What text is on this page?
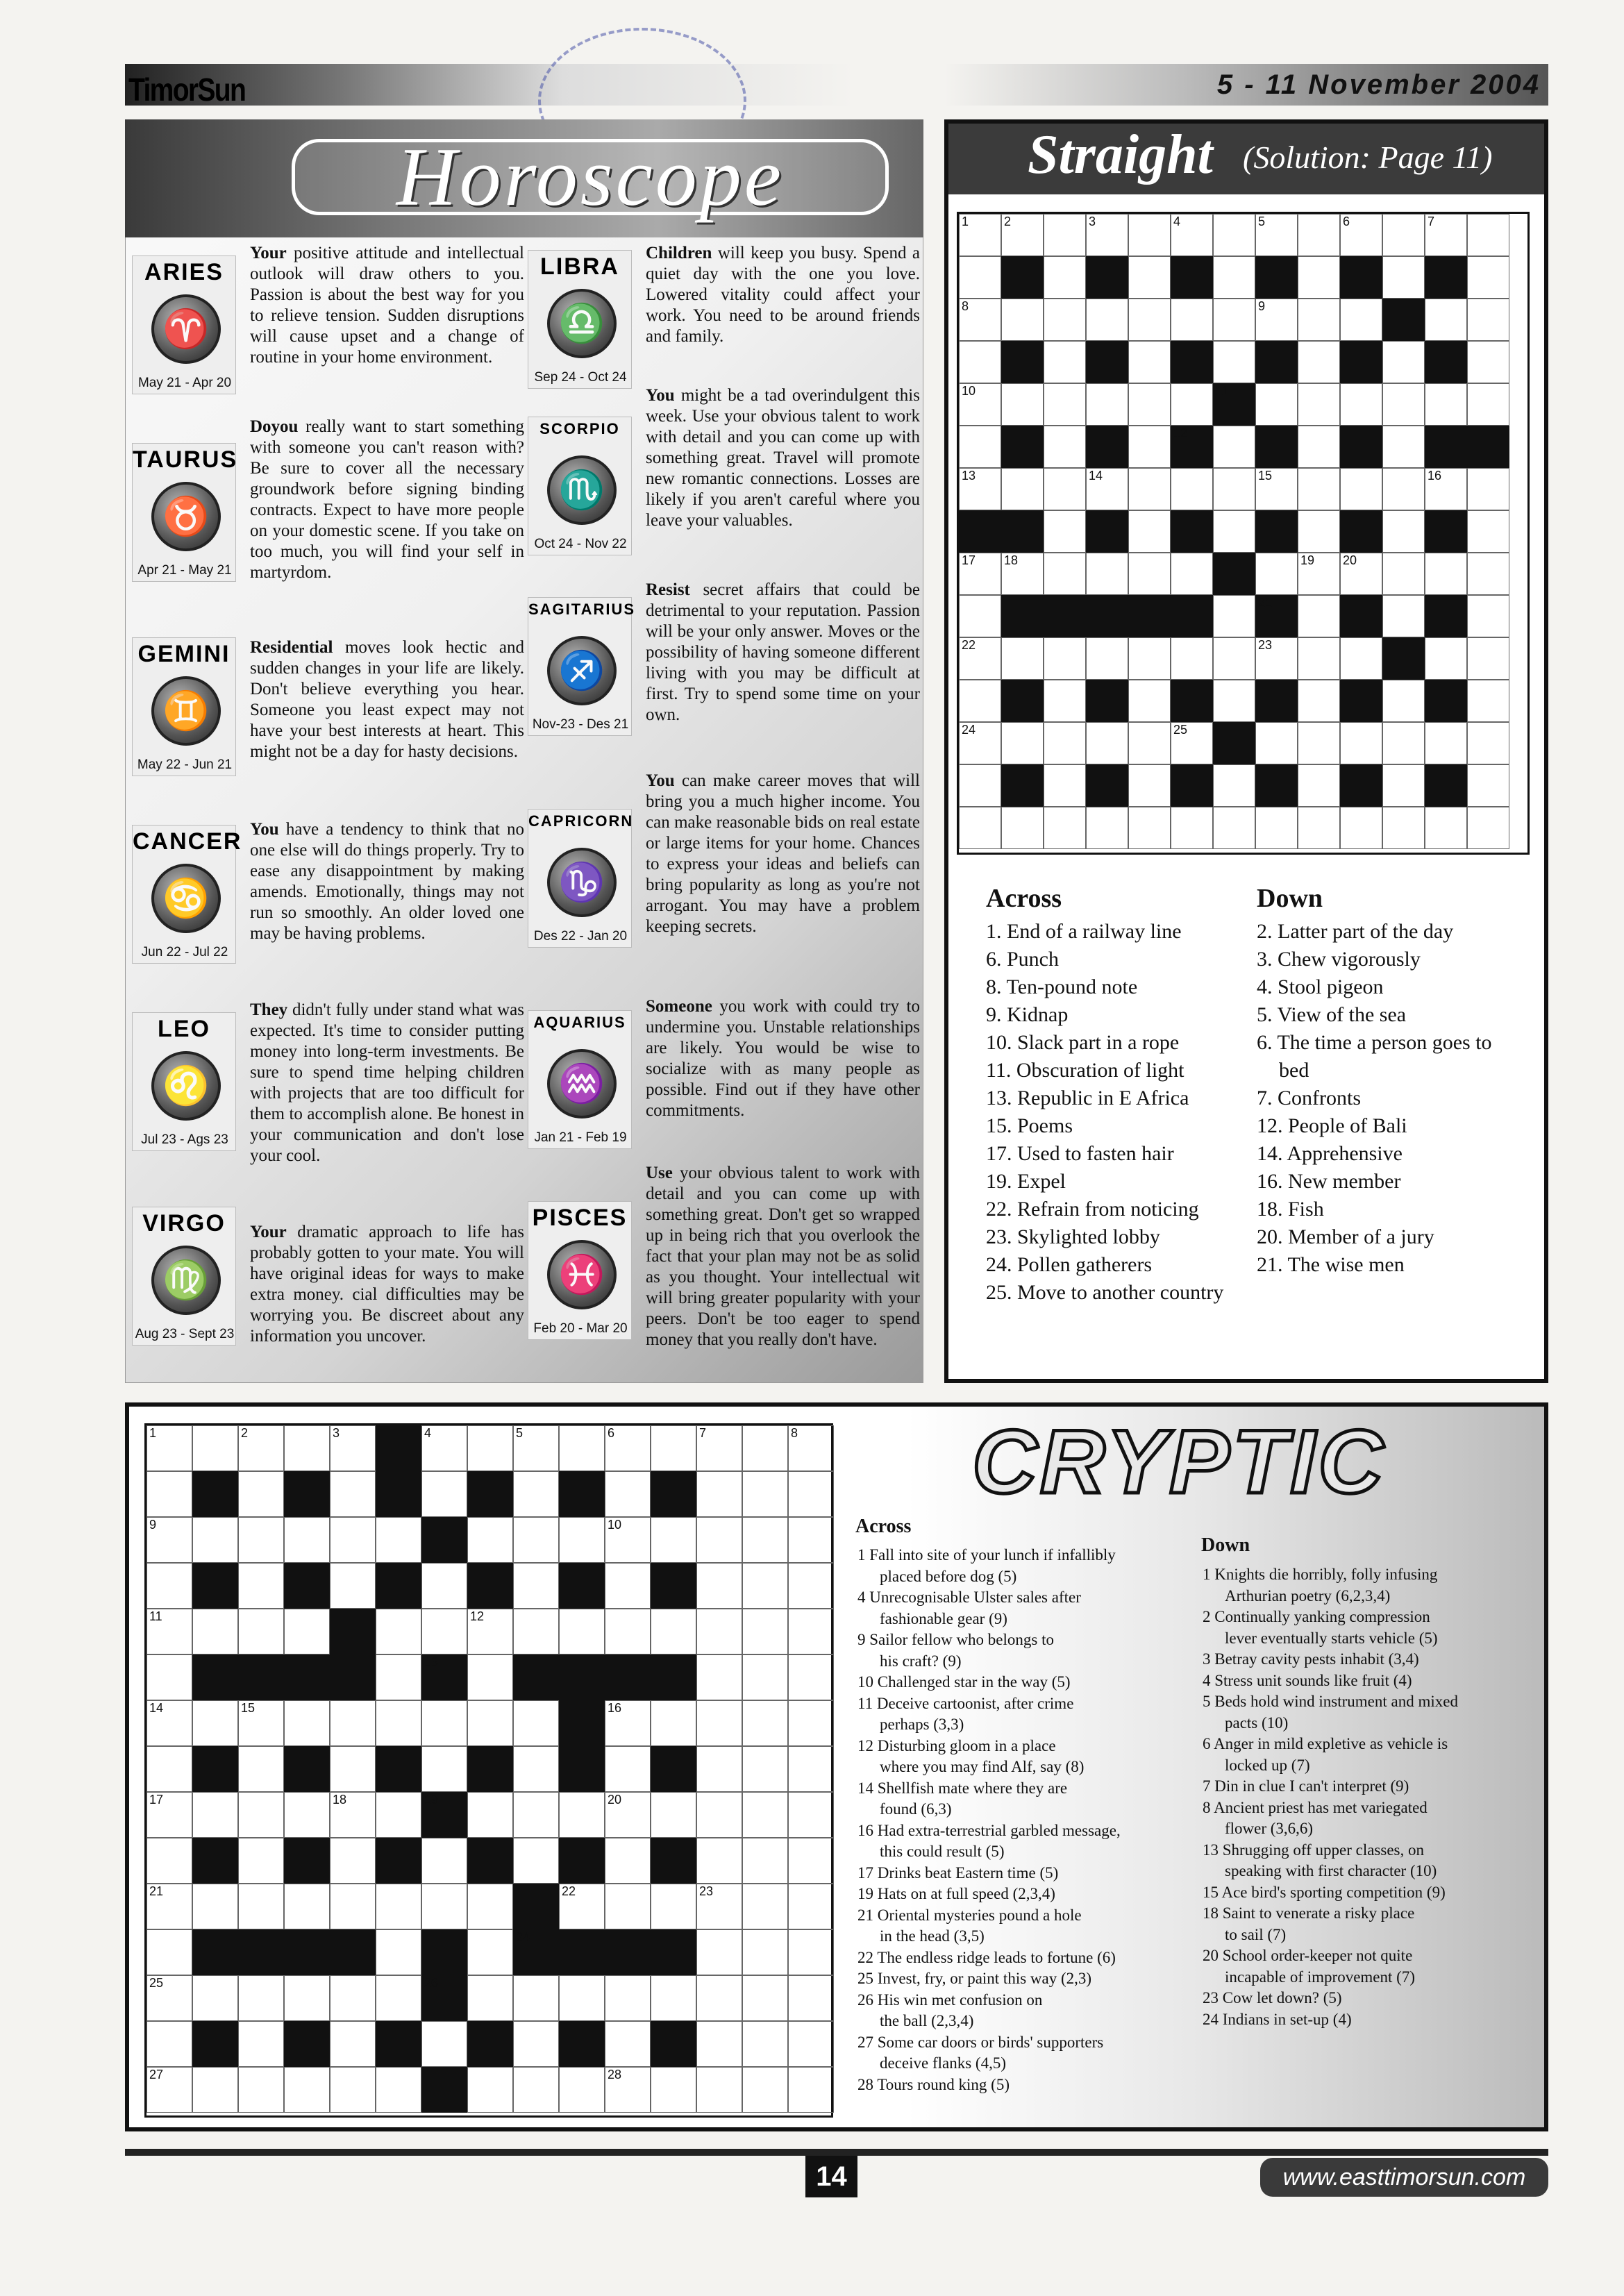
TimorSun	5 - 11 November 2004
Horoscope
ARIES
♈
May 21 - Apr 20
Your positive attitude and intellectual outlook will draw others to you. Passion is about the best way for you to relieve tension. Sudden disruptions will cause upset and a change of routine in your home environment.
TAURUS
♉
Apr 21 - May 21
Doyou really want to start something with someone you can't reason with? Be sure to cover all the necessary groundwork before signing binding contracts. Expect to have more people on your domestic scene. If you take on too much, you will find your self in martyrdom.
GEMINI
♊
May 22 - Jun 21
Residential moves look hectic and sudden changes in your life are likely. Don't believe everything you hear. Someone you least expect may not have your best interests at heart. This might not be a day for hasty decisions.
CANCER
♋
Jun 22 - Jul 22
You have a tendency to think that no one else will do things properly. Try to ease any disappointment by making amends. Emotionally, things may not run so smoothly. An older loved one may be having problems.
LEO
♌
Jul 23 - Ags 23
They didn't fully under stand what was expected. It's time to consider putting money into long-term investments. Be sure to spend time helping children with projects that are too difficult for them to accomplish alone. Be honest in your communication and don't lose your cool.
VIRGO
♍
Aug 23 - Sept 23
Your dramatic approach to life has probably gotten to your mate. You will have original ideas for ways to make extra money. cial difficulties may be worrying you. Be discreet about any information you uncover.
LIBRA
♎
Sep 24 - Oct 24
Children will keep you busy. Spend a quiet day with the one you love. Lowered vitality could affect your work. You need to be around friends and family.
SCORPIO
♏
Oct 24 - Nov 22
You might be a tad overindulgent this week. Use your obvious talent to work with detail and you can come up with something great. Travel will promote new romantic connections. Losses are likely if you aren't careful where you leave your valuables.
SAGITARIUS
♐
Nov-23 - Des 21
Resist secret affairs that could be detrimental to your reputation. Passion will be your only answer. Moves or the possibility of having someone different living with you may be difficult at first. Try to spend some time on your own.
CAPRICORN
♑
Des 22 - Jan 20
You can make career moves that will bring you a much higher income. You can make reasonable bids on real estate or large items for your home. Chances to express your ideas and beliefs can bring popularity as long as you're not arrogant. You may have a problem keeping secrets.
AQUARIUS
♒
Jan 21 - Feb 19
Someone you work with could try to undermine you. Unstable relationships are likely. You would be wise to socialize with as many people as possible. Find out if they have other commitments.
PISCES
♓
Feb 20 - Mar 20
Use your obvious talent to work with detail and you can come up with something great. Don't get so wrapped up in being rich that you overlook the fact that your plan may not be as solid as you thought. Your intellectual wit will bring greater popularity with your peers. Don't be too eager to spend money that you really don't have.
Straight (Solution: Page 11)
1	2	3	4	5	6	7
8	9
10	11
12
13	14	15	16
17 18	19 20
21
22	23
24	25
Across
1. End of a railway line
6. Punch
8. Ten-pound note
9. Kidnap
10. Slack part in a rope
11. Obscuration of light
13. Republic in E Africa
15. Poems
17. Used to fasten hair
19. Expel
22. Refrain from noticing
23. Skylighted lobby
24. Pollen gatherers
25. Move to another country
Down
2. Latter part of the day
3. Chew vigorously
4. Stool pigeon
5. View of the sea
6. The time a person goes to
bed
7. Confronts
12. People of Bali
14. Apprehensive
16. New member
18. Fish
20. Member of a jury
21. The wise men
CRYPTIC
1	2	3	4	5	6	7	8
9	10
11	12
13
14	15	16
17	18	19	20
21	22	23
24
25	26
27	28
Across
1 Fall into site of your lunch if infallibly
placed before dog (5)
4 Unrecognisable Ulster sales after
fashionable gear (9)
9 Sailor fellow who belongs to
his craft? (9)
10 Challenged star in the way (5)
11 Deceive cartoonist, after crime
perhaps (3,3)
12 Disturbing gloom in a place
where you may find Alf, say (8)
14 Shellfish mate where they are
found (6,3)
16 Had extra-terrestrial garbled message,
this could result (5)
17 Drinks beat Eastern time (5)
19 Hats on at full speed (2,3,4)
21 Oriental mysteries pound a hole
in the head (3,5)
22 The endless ridge leads to fortune (6)
25 Invest, fry, or paint this way (2,3)
26 His win met confusion on
the ball (2,3,4)
27 Some car doors or birds' supporters
deceive flanks (4,5)
28 Tours round king (5)
Down
1 Knights die horribly, folly infusing
Arthurian poetry (6,2,3,4)
2 Continually yanking compression
lever eventually starts vehicle (5)
3 Betray cavity pests inhabit (3,4)
4 Stress unit sounds like fruit (4)
5 Beds hold wind instrument and mixed
pacts (10)
6 Anger in mild expletive as vehicle is
locked up (7)
7 Din in clue I can't interpret (9)
8 Ancient priest has met variegated
flower (3,6,6)
13 Shrugging off upper classes, on
speaking with first character (10)
15 Ace bird's sporting competition (9)
18 Saint to venerate a risky place
to sail (7)
20 School order-keeper not quite
incapable of improvement (7)
23 Cow let down? (5)
24 Indians in set-up (4)
14	www.easttimorsun.com
